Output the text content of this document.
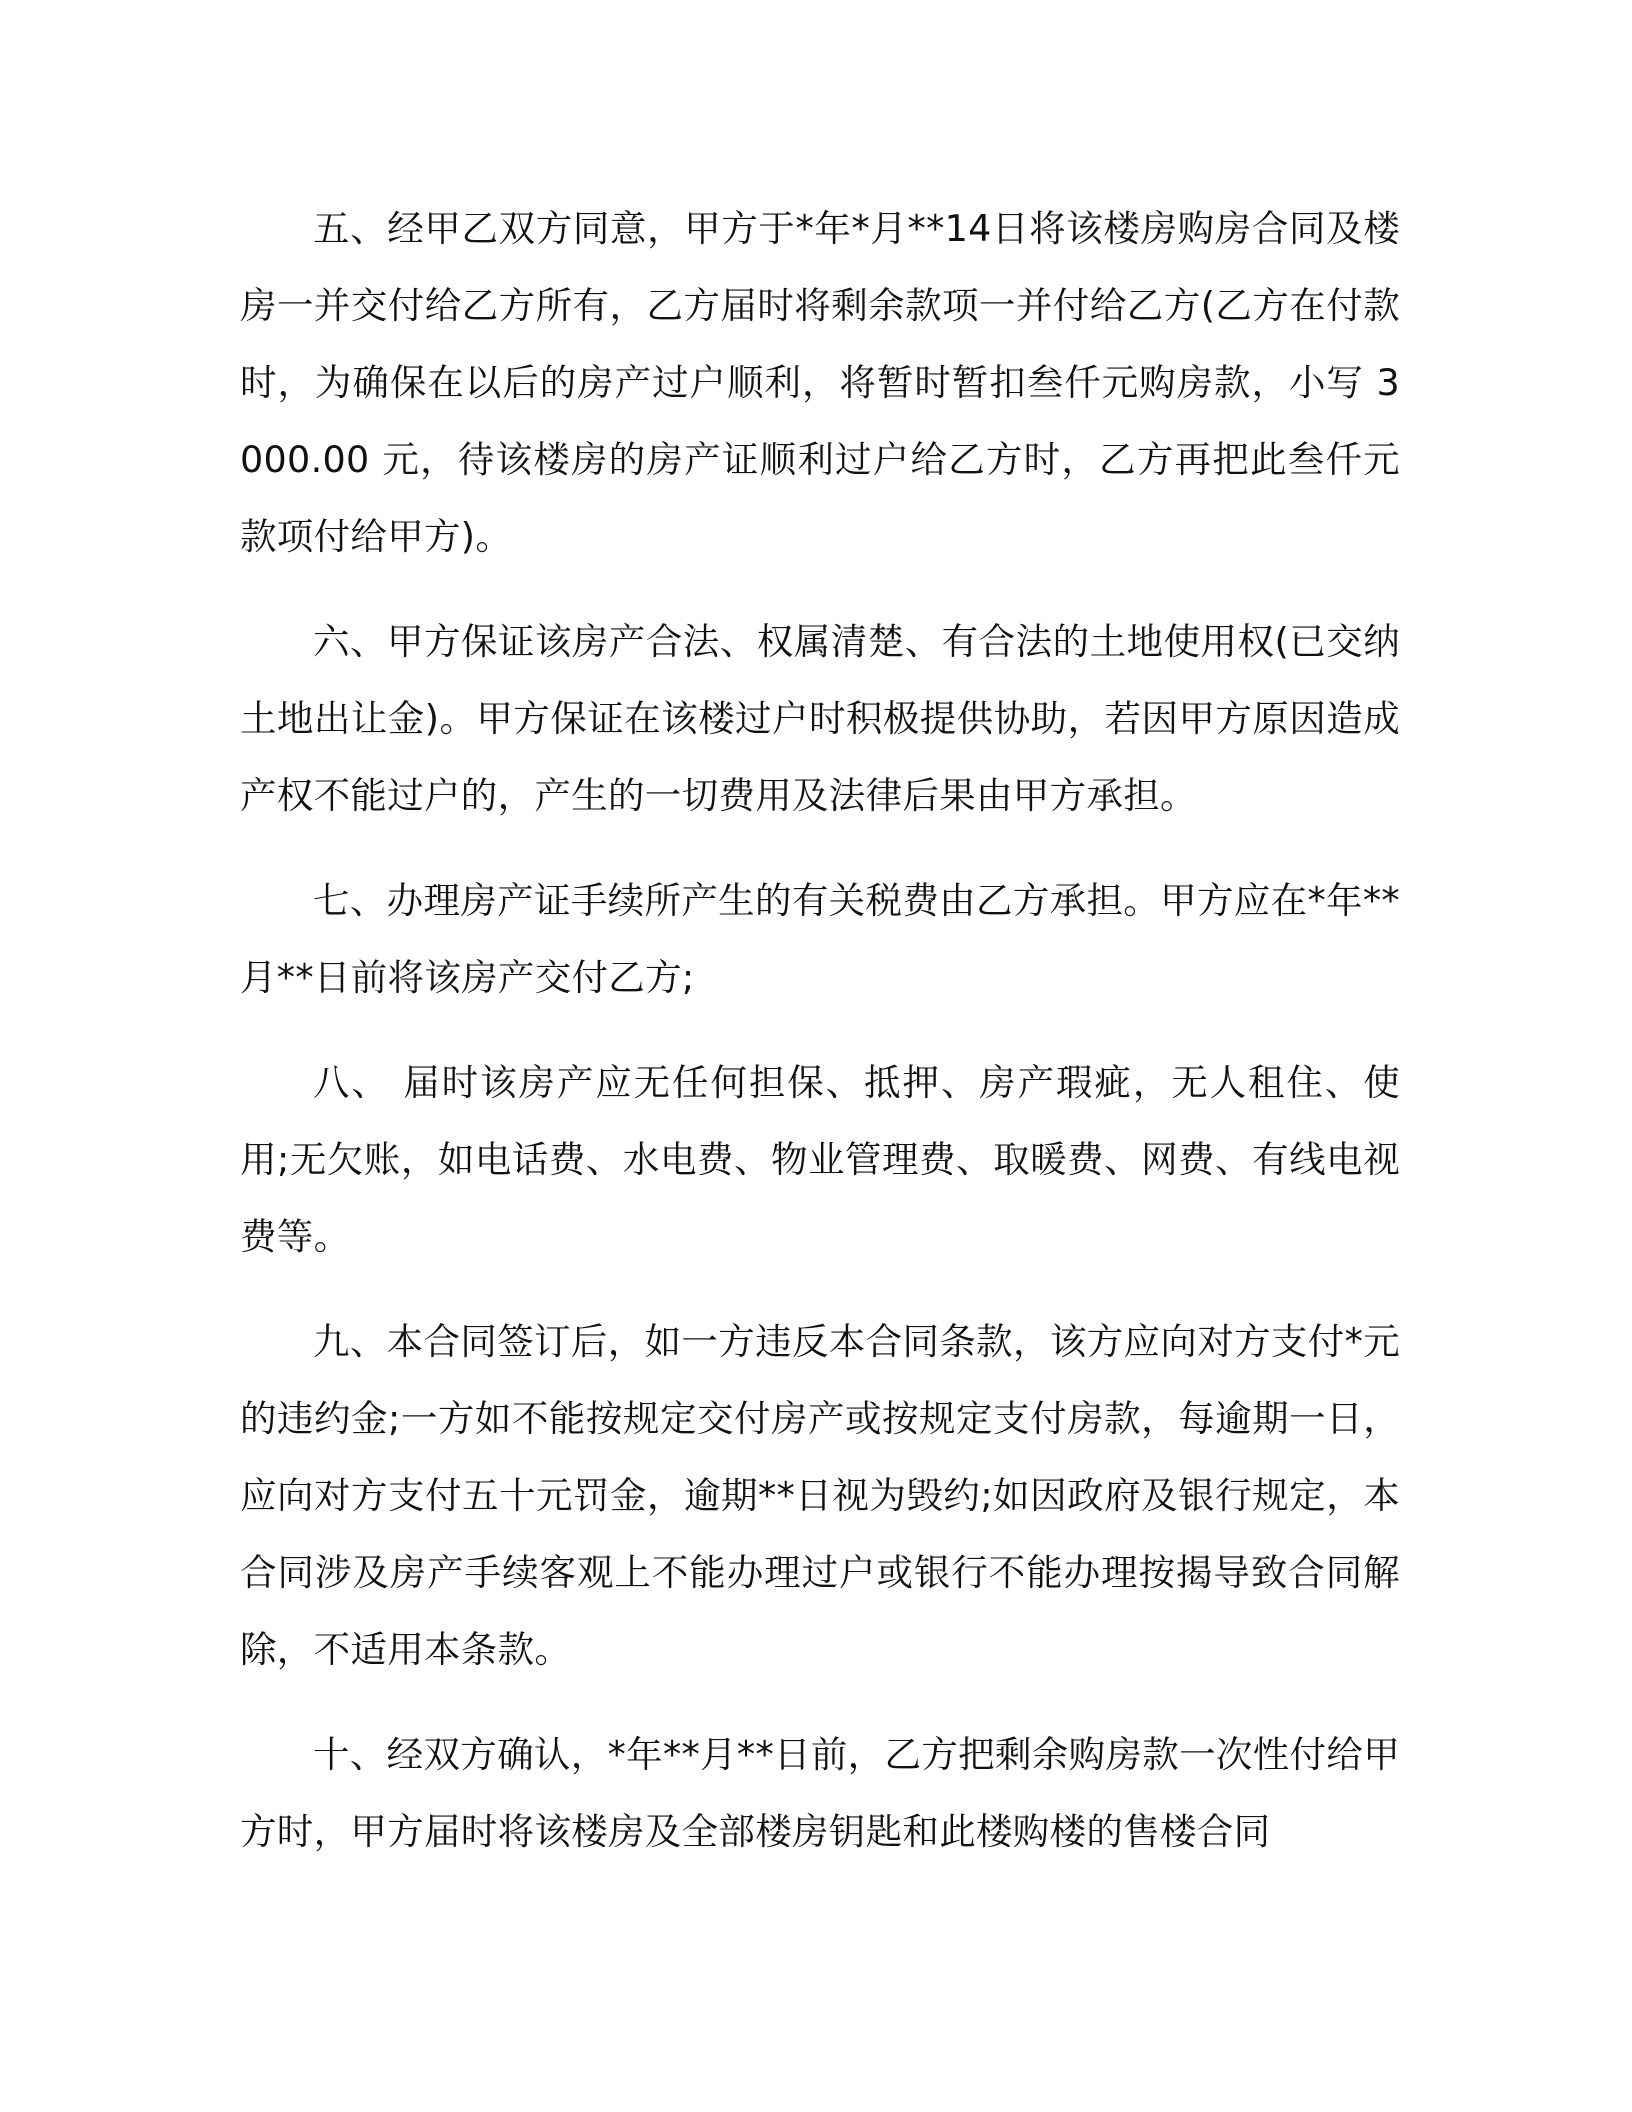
五、经甲乙双方同意，甲方于*年*月**14日将该楼房购房合同及楼房一并交付给乙方所有，乙方届时将剩余款项一并付给乙方(乙方在付款时，为确保在以后的房产过户顺利，将暂时暂扣叁仟元购房款，小写 3000.00 元，待该楼房的房产证顺利过户给乙方时，乙方再把此叁仟元款项付给甲方)。

六、甲方保证该房产合法、权属清楚、有合法的土地使用权(已交纳土地出让金)。甲方保证在该楼过户时积极提供协助，若因甲方原因造成产权不能过户的，产生的一切费用及法律后果由甲方承担。

七、办理房产证手续所产生的有关税费由乙方承担。甲方应在*年**月**日前将该房产交付乙方;

八、 届时该房产应无任何担保、抵押、房产瑕疵，无人租住、使用;无欠账，如电话费、水电费、物业管理费、取暖费、网费、有线电视费等。

九、本合同签订后，如一方违反本合同条款，该方应向对方支付*元的违约金;一方如不能按规定交付房产或按规定支付房款，每逾期一日，应向对方支付五十元罚金，逾期**日视为毁约;如因政府及银行规定，本合同涉及房产手续客观上不能办理过户或银行不能办理按揭导致合同解除，不适用本条款。

十、经双方确认，*年**月**日前，乙方把剩余购房款一次性付给甲方时，甲方届时将该楼房及全部楼房钥匙和此楼购楼的售楼合同
